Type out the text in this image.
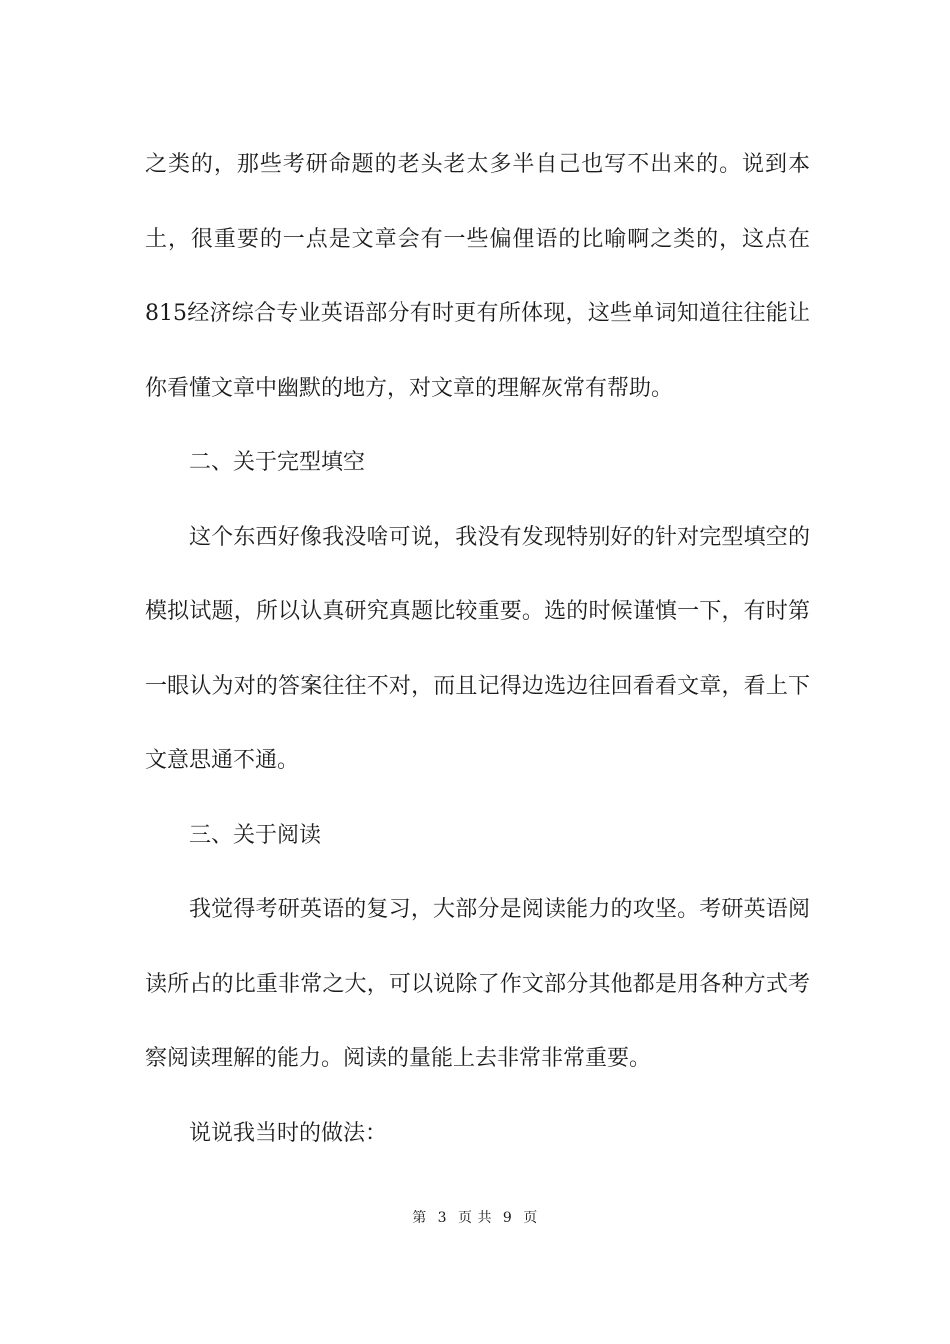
之类的，那些考研命题的老头老太多半自己也写不出来的。说到本土，很重要的一点是文章会有一些偏俚语的比喻啊之类的，这点在815经济综合专业英语部分有时更有所体现，这些单词知道往往能让你看懂文章中幽默的地方，对文章的理解灰常有帮助。

二、关于完型填空

这个东西好像我没啥可说，我没有发现特别好的针对完型填空的模拟试题，所以认真研究真题比较重要。选的时候谨慎一下，有时第一眼认为对的答案往往不对，而且记得边选边往回看看文章，看上下文意思通不通。

三、关于阅读

我觉得考研英语的复习，大部分是阅读能力的攻坚。考研英语阅读所占的比重非常之大，可以说除了作文部分其他都是用各种方式考察阅读理解的能力。阅读的量能上去非常非常重要。

说说我当时的做法：

第 3 页 共 9 页
